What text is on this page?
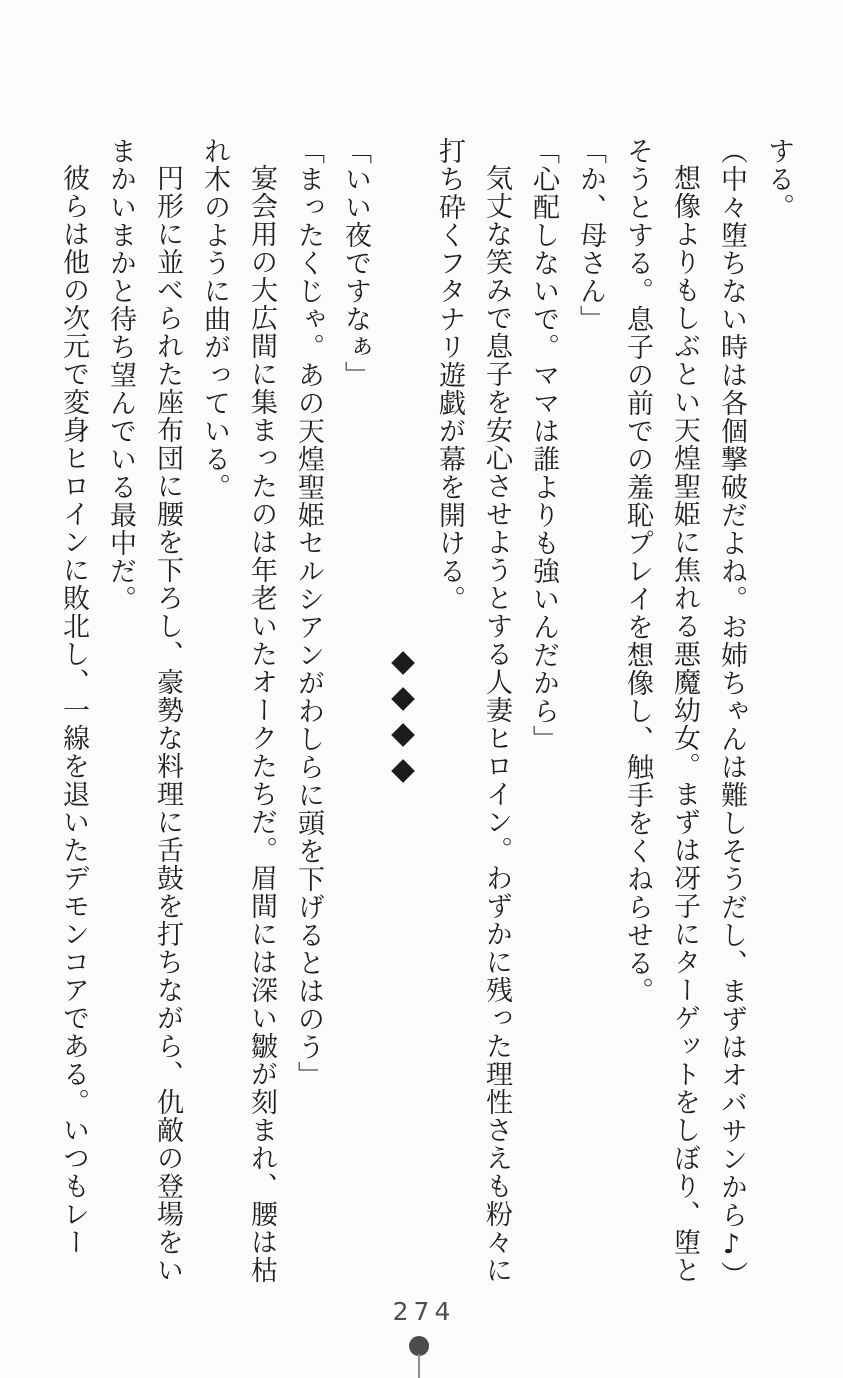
する。

（中々堕ちない時は各個撃破だよね。お姉ちゃんは難しそうだし、まずはオバサンから♪）

想像よりもしぶとい天煌聖姫に焦れる悪魔幼女。まずは冴子にターゲットをしぼり、堕とそうとする。息子の前での羞恥プレイを想像し、触手をくねらせる。

「か、母さん」

「心配しないで。ママは誰よりも強いんだから」

気丈な笑みで息子を安心させようとする人妻ヒロイン。わずかに残った理性さえも粉々に打ち砕くフタナリ遊戯が幕を開ける。

◆◆◆◆

「いい夜ですなぁ」

「まったくじゃ。あの天煌聖姫セルシアンがわしらに頭を下げるとはのう」

宴会用の大広間に集まったのは年老いたオークたちだ。眉間には深い皺が刻まれ、腰は枯れ木のように曲がっている。

円形に並べられた座布団に腰を下ろし、豪勢な料理に舌鼓を打ちながら、仇敵の登場をいまかいまかと待ち望んでいる最中だ。

彼らは他の次元で変身ヒロインに敗北し、一線を退いたデモンコアである。いつもレー

274
